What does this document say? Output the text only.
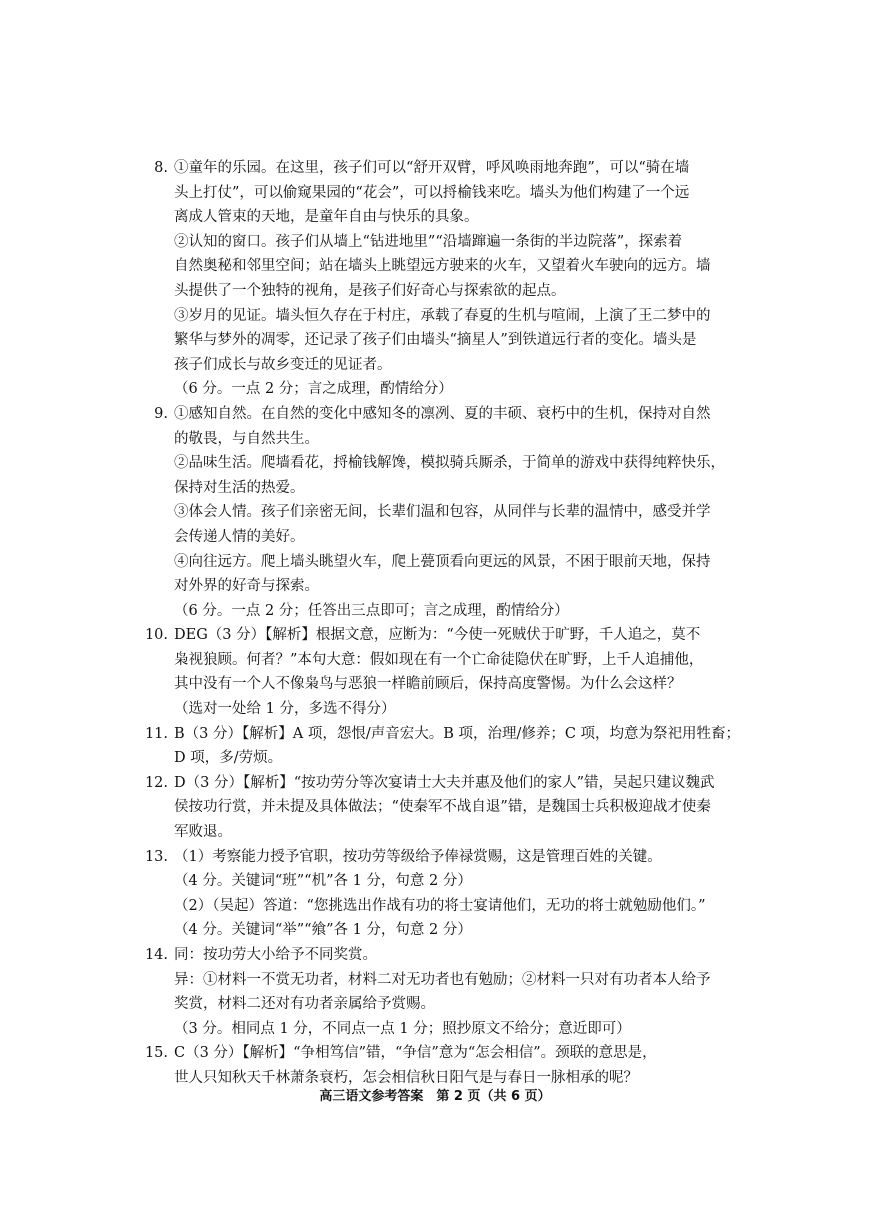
8. ①童年的乐园。在这里，孩子们可以“舒开双臂，呼风唤雨地奔跑”，可以“骑在墙
头上打仗”，可以偷窥果园的“花会”，可以捋榆钱来吃。墙头为他们构建了一个远
离成人管束的天地，是童年自由与快乐的具象。
②认知的窗口。孩子们从墙上“钻进地里”“沿墙蹿遍一条街的半边院落”，探索着
自然奥秘和邻里空间；站在墙头上眺望远方驶来的火车，又望着火车驶向的远方。墙
头提供了一个独特的视角，是孩子们好奇心与探索欲的起点。
③岁月的见证。墙头恒久存在于村庄，承载了春夏的生机与喧闹，上演了王二梦中的
繁华与梦外的凋零，还记录了孩子们由墙头“摘星人”到铁道远行者的变化。墙头是
孩子们成长与故乡变迁的见证者。
（6 分。一点 2 分；言之成理，酌情给分）
9. ①感知自然。在自然的变化中感知冬的凛冽、夏的丰硕、衰朽中的生机，保持对自然
的敬畏，与自然共生。
②品味生活。爬墙看花，捋榆钱解馋，模拟骑兵厮杀，于简单的游戏中获得纯粹快乐，
保持对生活的热爱。
③体会人情。孩子们亲密无间，长辈们温和包容，从同伴与长辈的温情中，感受并学
会传递人情的美好。
④向往远方。爬上墙头眺望火车，爬上甍顶看向更远的风景，不困于眼前天地，保持
对外界的好奇与探索。
（6 分。一点 2 分；任答出三点即可；言之成理，酌情给分）
10. DEG（3 分）【解析】根据文意，应断为：“今使一死贼伏于旷野，千人追之，莫不
枭视狼顾。何者？”本句大意：假如现在有一个亡命徒隐伏在旷野，上千人追捕他，
其中没有一个人不像枭鸟与恶狼一样瞻前顾后，保持高度警惕。为什么会这样？
（选对一处给 1 分，多选不得分）
11. B（3 分）【解析】A 项，怨恨/声音宏大。B 项，治理/修养；C 项，均意为祭祀用牲畜；
D 项，多/劳烦。
12. D（3 分）【解析】“按功劳分等次宴请士大夫并惠及他们的家人”错，吴起只建议魏武
侯按功行赏，并未提及具体做法；“使秦军不战自退”错，是魏国士兵积极迎战才使秦
军败退。
13. （1）考察能力授予官职，按功劳等级给予俸禄赏赐，这是管理百姓的关键。
（4 分。关键词“班”“机”各 1 分，句意 2 分）
（2）（吴起）答道：“您挑选出作战有功的将士宴请他们，无功的将士就勉励他们。”
（4 分。关键词“举”“飨”各 1 分，句意 2 分）
14. 同：按功劳大小给予不同奖赏。
异：①材料一不赏无功者，材料二对无功者也有勉励；②材料一只对有功者本人给予
奖赏，材料二还对有功者亲属给予赏赐。
（3 分。相同点 1 分，不同点一点 1 分；照抄原文不给分；意近即可）
15. C（3 分）【解析】“争相笃信”错，“争信”意为“怎会相信”。颈联的意思是，
世人只知秋天千林萧条衰朽，怎会相信秋日阳气是与春日一脉相承的呢？
高三语文参考答案　第 2 页（共 6 页）
